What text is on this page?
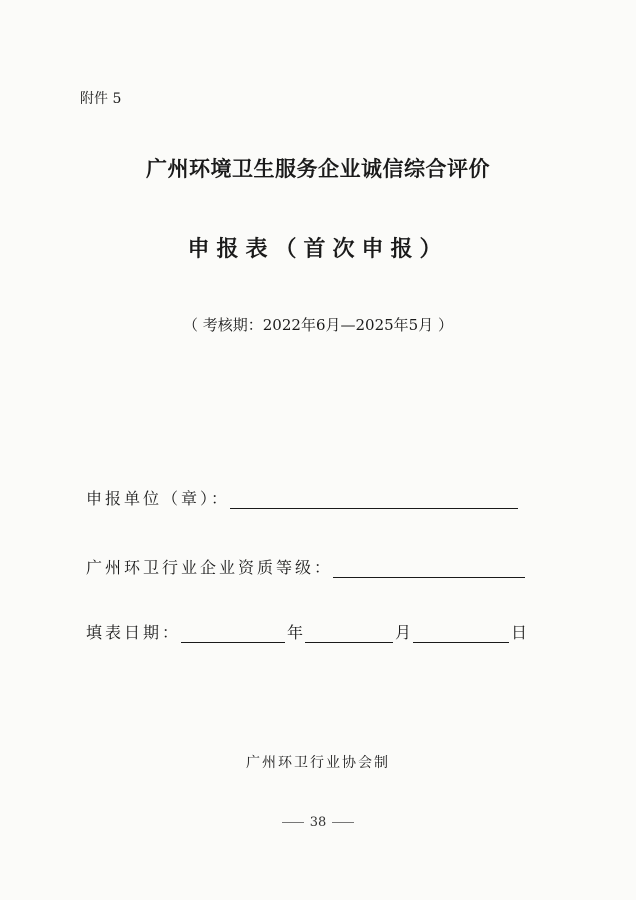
附件 5
广州环境卫生服务企业诚信综合评价
申报表（首次申报）
（ 考核期：2022年6月—2025年5月 ）
申报单位（章）：
广州环卫行业企业资质等级：
填表日期：	年	月	日
广州环卫行业协会制
38
